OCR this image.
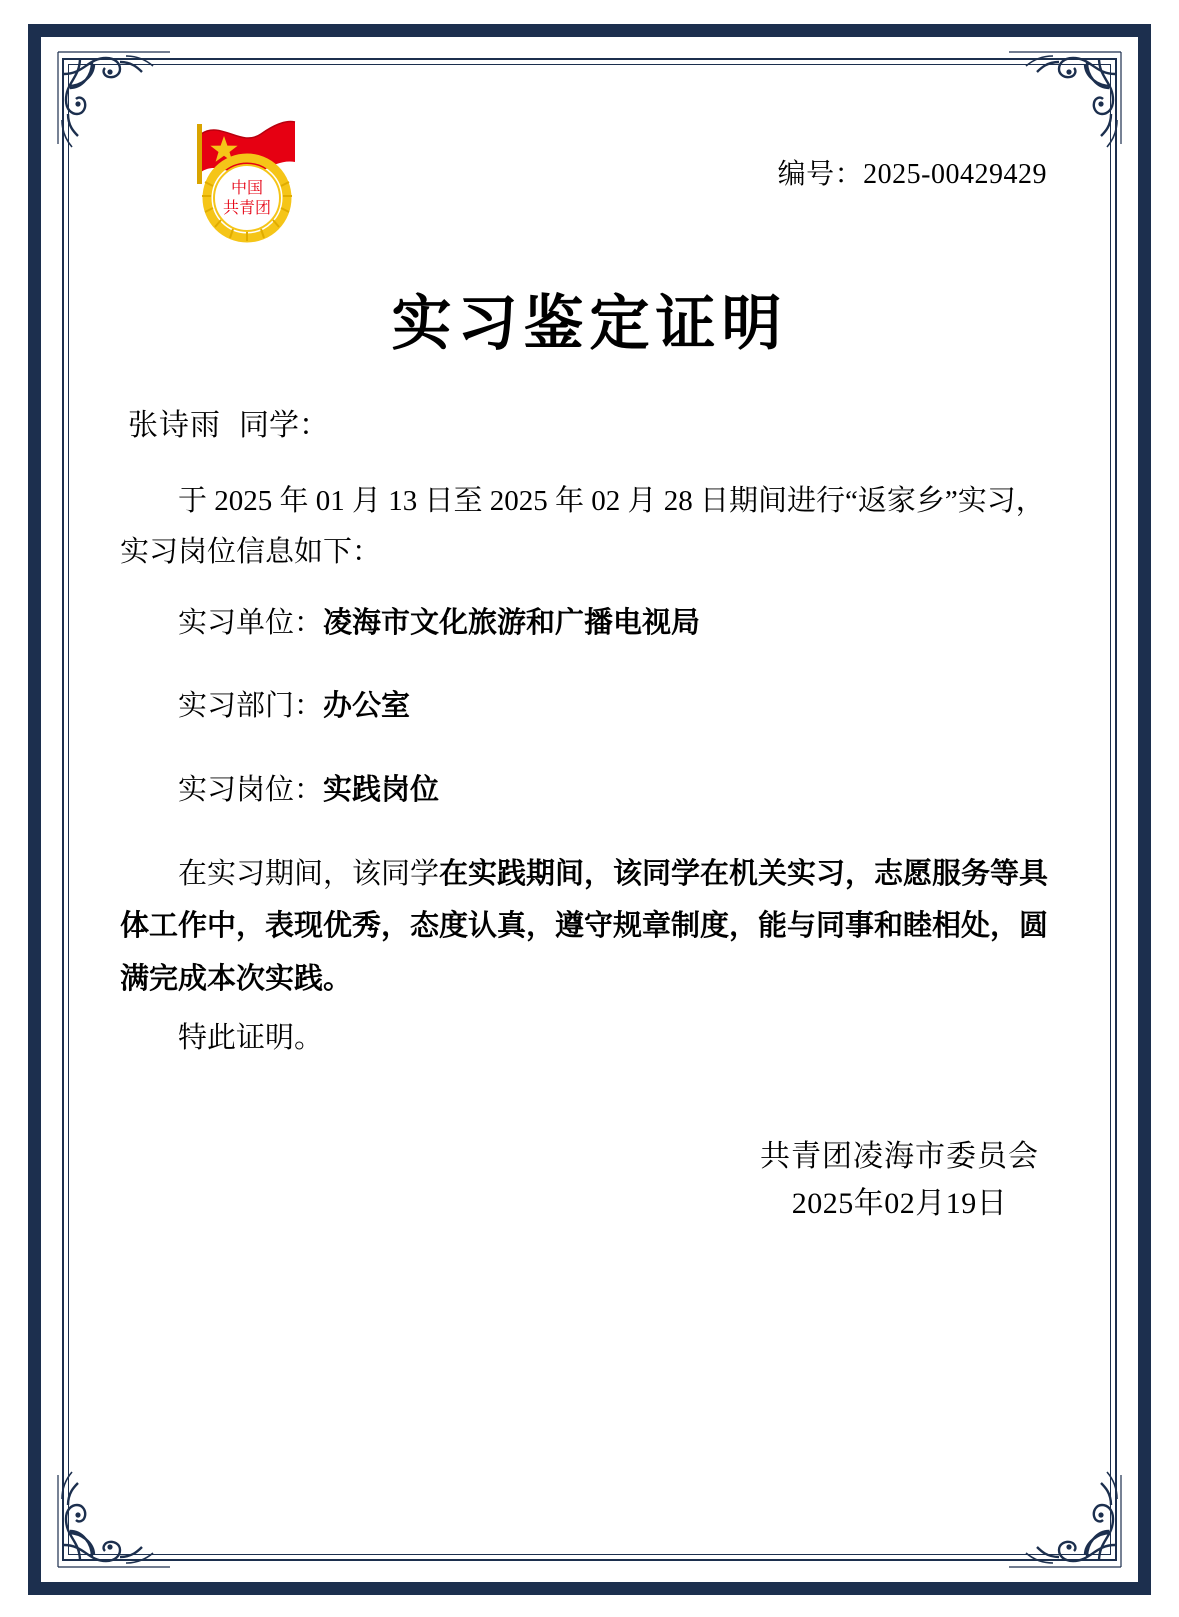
中国
共青团
编号：2025-00429429
实习鉴定证明

张诗雨 同学：

于 2025 年 01 月 13 日至 2025 年 02 月 28 日期间进行“返家乡”实习，实习岗位信息如下：

实习单位：凌海市文化旅游和广播电视局

实习部门：办公室

实习岗位：实践岗位

在实习期间，该同学在实践期间，该同学在机关实习，志愿服务等具体工作中，表现优秀，态度认真，遵守规章制度，能与同事和睦相处，圆满完成本次实践。

特此证明。

共青团凌海市委员会
2025年02月19日
